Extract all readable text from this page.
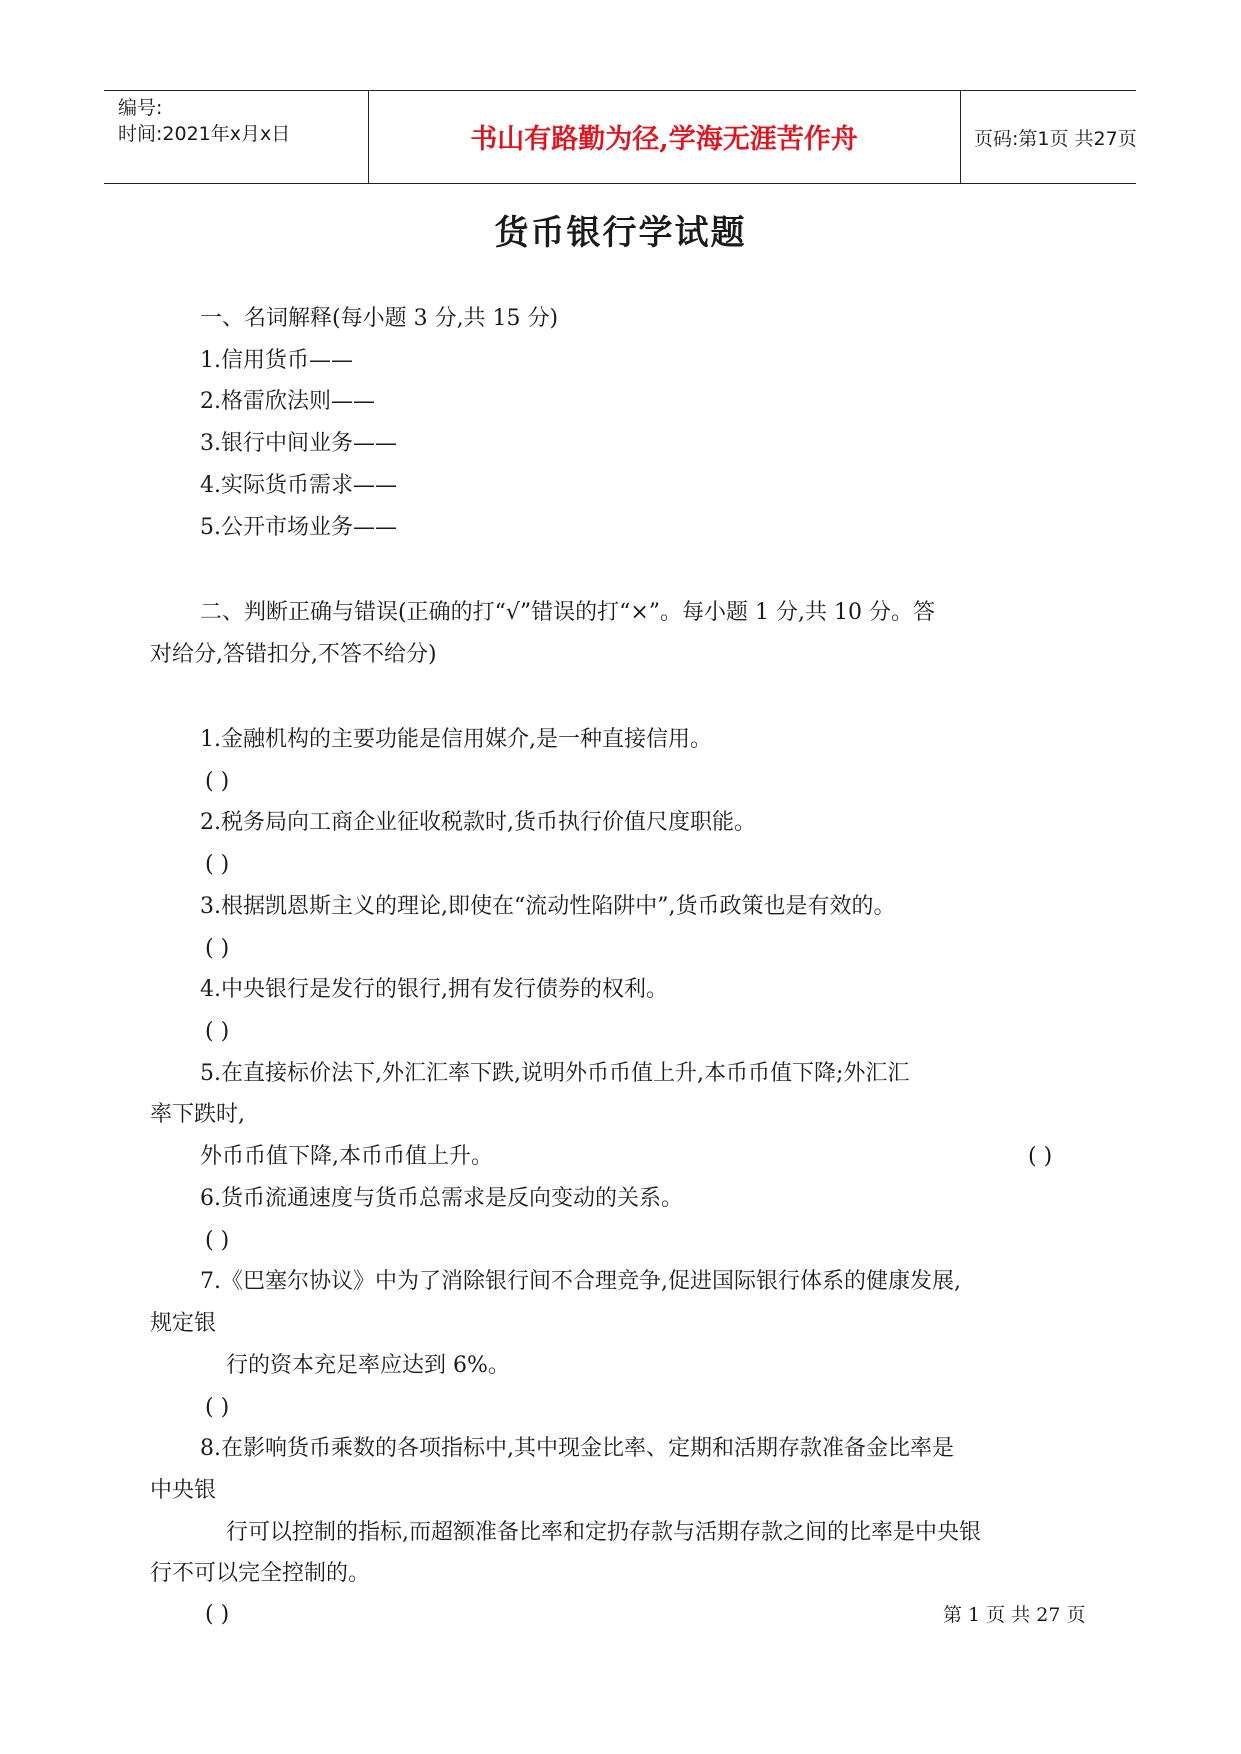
编号:
时间:2021年x月x日	书山有路勤为径,学海无涯苦作舟	页码:第1页 共27页
货币银行学试题
一、名词解释(每小题 3 分,共 15 分)
1.信用货币——
2.格雷欣法则——
3.银行中间业务——
4.实际货币需求——
5.公开市场业务——
二、判断正确与错误(正确的打“√”错误的打“×”。每小题 1 分,共 10 分。答
对给分,答错扣分,不答不给分)
1.金融机构的主要功能是信用媒介,是一种直接信用。
( )
2.税务局向工商企业征收税款时,货币执行价值尺度职能。
( )
3.根据凯恩斯主义的理论,即使在“流动性陷阱中”,货币政策也是有效的。
( )
4.中央银行是发行的银行,拥有发行债券的权利。
( )
5.在直接标价法下,外汇汇率下跌,说明外币币值上升,本币币值下降;外汇汇
率下跌时,
外币币值下降,本币币值上升。	( )
6.货币流通速度与货币总需求是反向变动的关系。
( )
7.《巴塞尔协议》中为了消除银行间不合理竞争,促进国际银行体系的健康发展,
规定银
行的资本充足率应达到 6%。
( )
8.在影响货币乘数的各项指标中,其中现金比率、定期和活期存款准备金比率是
中央银
行可以控制的指标,而超额准备比率和定扔存款与活期存款之间的比率是中央银
行不可以完全控制的。
( )	第 1 页 共 27 页
